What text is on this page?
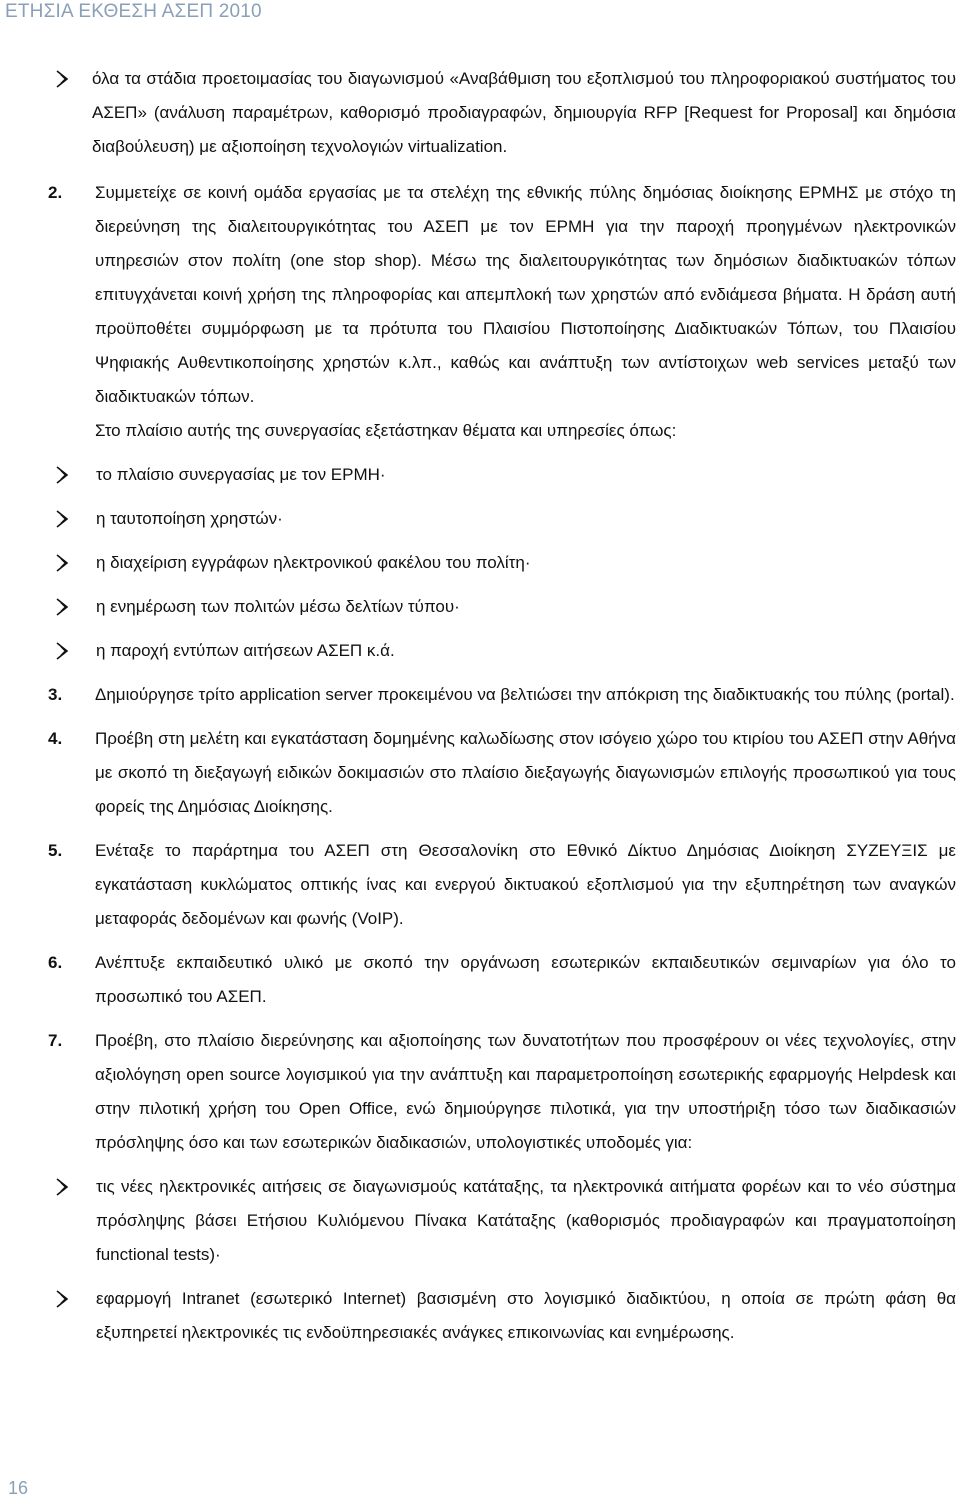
ΕΤΗΣΙΑ ΕΚΘΕΣΗ ΑΣΕΠ 2010
όλα τα στάδια προετοιμασίας του διαγωνισμού «Αναβάθμιση του εξοπλισμού του πληροφοριακού συστήματος του ΑΣΕΠ» (ανάλυση παραμέτρων, καθορισμό προδιαγραφών, δημιουργία RFP [Request for Proposal] και δημόσια διαβούλευση) με αξιοποίηση τεχνολογιών virtualization.
2. Συμμετείχε σε κοινή ομάδα εργασίας με τα στελέχη της εθνικής πύλης δημόσιας διοίκησης ΕΡΜΗΣ με στόχο τη διερεύνηση της διαλειτουργικότητας του ΑΣΕΠ με τον ΕΡΜΗ για την παροχή προηγμένων ηλεκτρονικών υπηρεσιών στον πολίτη (one stop shop). Μέσω της διαλειτουργικότητας των δημόσιων διαδικτυακών τόπων επιτυγχάνεται κοινή χρήση της πληροφορίας και απεμπλοκή των χρηστών από ενδιάμεσα βήματα. Η δράση αυτή προϋποθέτει συμμόρφωση με τα πρότυπα του Πλαισίου Πιστοποίησης Διαδικτυακών Τόπων, του Πλαισίου Ψηφιακής Αυθεντικοποίησης χρηστών κ.λπ., καθώς και ανάπτυξη των αντίστοιχων web services μεταξύ των διαδικτυακών τόπων.
Στο πλαίσιο αυτής της συνεργασίας εξετάστηκαν θέματα και υπηρεσίες όπως:
το πλαίσιο συνεργασίας με τον ΕΡΜΗ·
η ταυτοποίηση χρηστών·
η διαχείριση εγγράφων ηλεκτρονικού φακέλου του πολίτη·
η ενημέρωση των πολιτών μέσω δελτίων τύπου·
η παροχή εντύπων αιτήσεων ΑΣΕΠ κ.ά.
3. Δημιούργησε τρίτο application server προκειμένου να βελτιώσει την απόκριση της διαδικτυακής του πύλης (portal).
4. Προέβη στη μελέτη και εγκατάσταση δομημένης καλωδίωσης στον ισόγειο χώρο του κτιρίου του ΑΣΕΠ στην Αθήνα με σκοπό τη διεξαγωγή ειδικών δοκιμασιών στο πλαίσιο διεξαγωγής διαγωνισμών επιλογής προσωπικού για τους φορείς της Δημόσιας Διοίκησης.
5. Ενέταξε το παράρτημα του ΑΣΕΠ στη Θεσσαλονίκη στο Εθνικό Δίκτυο Δημόσιας Διοίκηση ΣΥΖΕΥΞΙΣ με εγκατάσταση κυκλώματος οπτικής ίνας και ενεργού δικτυακού εξοπλισμού για την εξυπηρέτηση των αναγκών μεταφοράς δεδομένων και φωνής (VoIP).
6. Ανέπτυξε εκπαιδευτικό υλικό με σκοπό την οργάνωση εσωτερικών εκπαιδευτικών σεμιναρίων για όλο το προσωπικό του ΑΣΕΠ.
7. Προέβη, στο πλαίσιο διερεύνησης και αξιοποίησης των δυνατοτήτων που προσφέρουν οι νέες τεχνολογίες, στην αξιολόγηση open source λογισμικού για την ανάπτυξη και παραμετροποίηση εσωτερικής εφαρμογής Helpdesk και στην πιλοτική χρήση του Open Office, ενώ δημιούργησε πιλοτικά, για την υποστήριξη τόσο των διαδικασιών πρόσληψης όσο και των εσωτερικών διαδικασιών, υπολογιστικές υποδομές για:
τις νέες ηλεκτρονικές αιτήσεις σε διαγωνισμούς κατάταξης, τα ηλεκτρονικά αιτήματα φορέων και το νέο σύστημα πρόσληψης βάσει Ετήσιου Κυλιόμενου Πίνακα Κατάταξης (καθορισμός προδιαγραφών και πραγματοποίηση functional tests)·
εφαρμογή Intranet (εσωτερικό Internet) βασισμένη στο λογισμικό διαδικτύου, η οποία σε πρώτη φάση θα εξυπηρετεί ηλεκτρονικές τις ενδοϋπηρεσιακές ανάγκες επικοινωνίας και ενημέρωσης.
16
